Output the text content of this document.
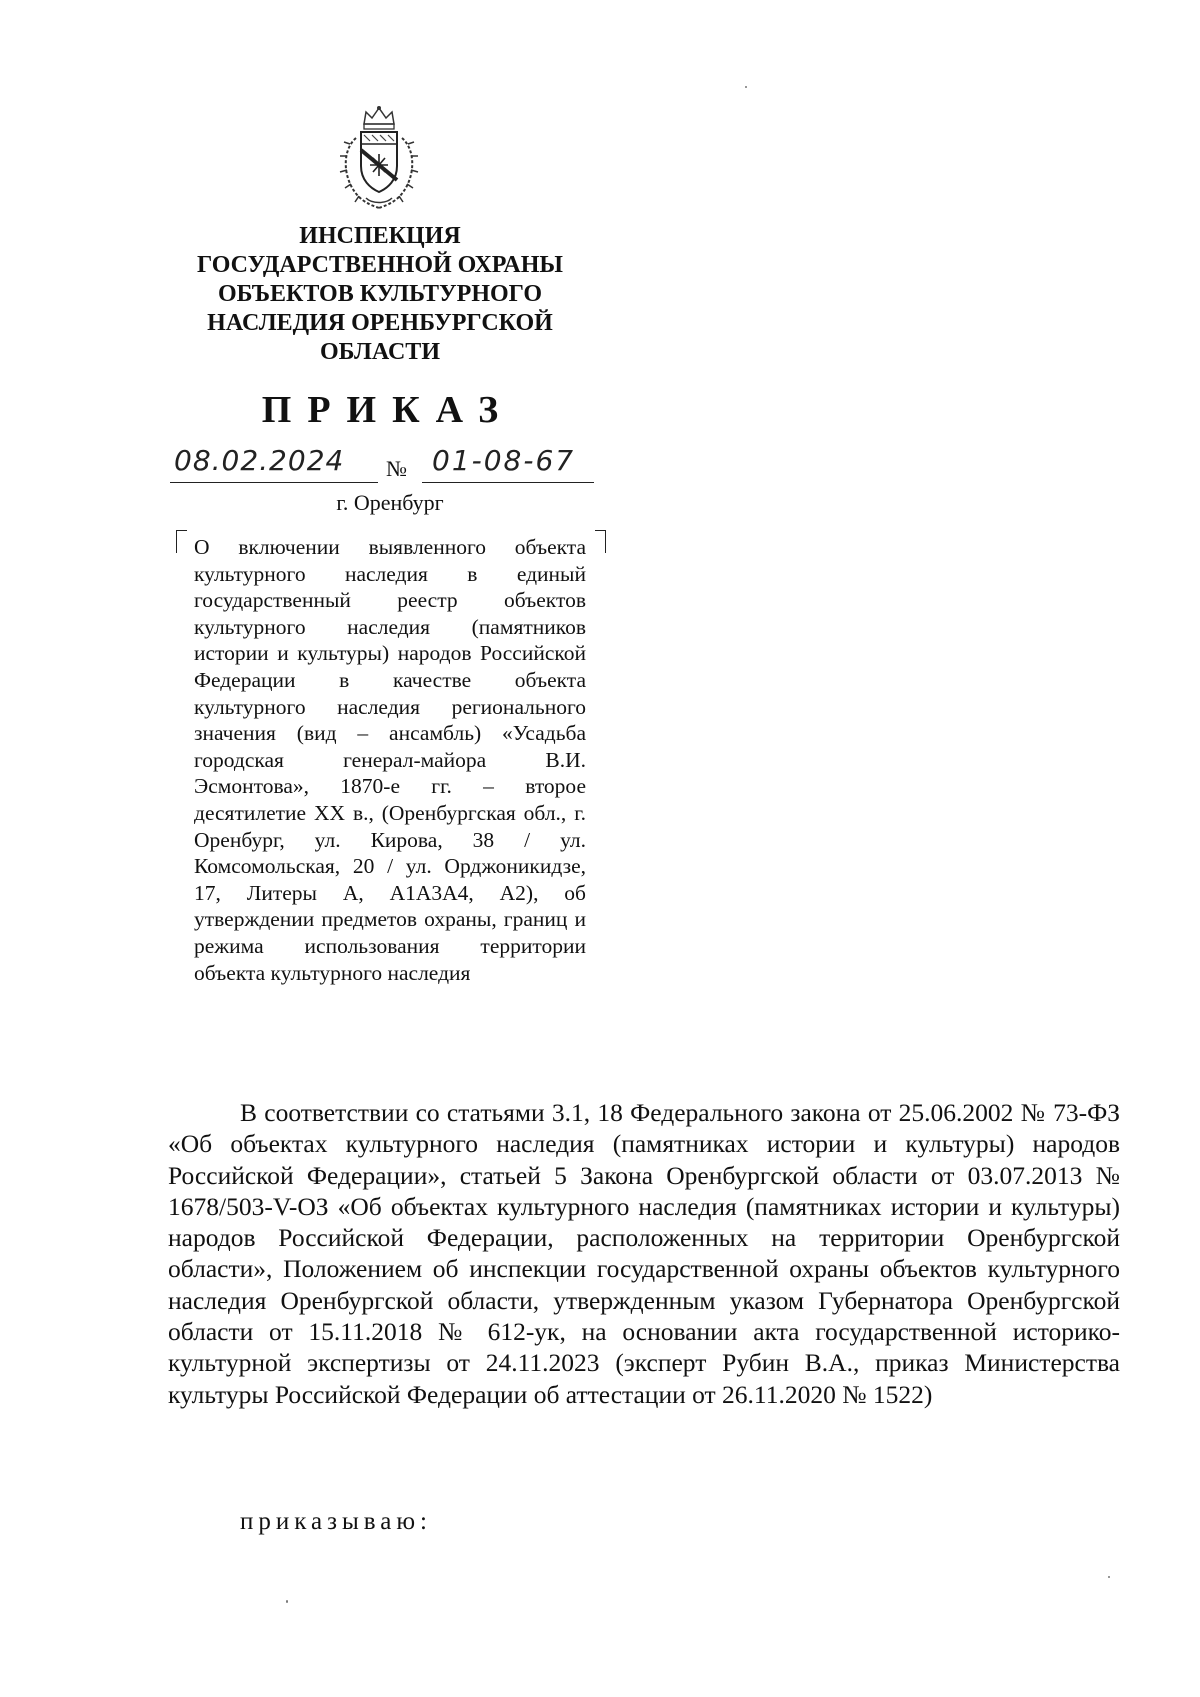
ИНСПЕКЦИЯ
ГОСУДАРСТВЕННОЙ ОХРАНЫ
ОБЪЕКТОВ КУЛЬТУРНОГО
НАСЛЕДИЯ ОРЕНБУРГСКОЙ
ОБЛАСТИ
ПРИКАЗ
08.02.2024	№ 01-08-67
г. Оренбург
О включении выявленного объекта культурного наследия в единый государственный реестр объектов культурного наследия (памятников истории и культуры) народов Российской Федерации в качестве объекта культурного наследия регионального значения (вид – ансамбль) «Усадьба городская генерал-майора В.И. Эсмонтова», 1870-е гг. – второе десятилетие XX в., (Оренбургская обл., г. Оренбург, ул. Кирова, 38 / ул. Комсомольская, 20 / ул. Орджоникидзе, 17, Литеры А, А1А3А4, А2), об утверждении предметов охраны, границ и режима использования территории объекта культурного наследия
В соответствии со статьями 3.1, 18 Федерального закона от 25.06.2002 № 73-ФЗ «Об объектах культурного наследия (памятниках истории и культуры) народов Российской Федерации», статьей 5 Закона Оренбургской области от 03.07.2013 № 1678/503-V-ОЗ «Об объектах культурного наследия (памятниках истории и культуры) народов Российской Федерации, расположенных на территории Оренбургской области», Положением об инспекции государственной охраны объектов культурного наследия Оренбургской области, утвержденным указом Губернатора Оренбургской области от 15.11.2018 № 612-ук, на основании акта государственной историко-культурной экспертизы от 24.11.2023 (эксперт Рубин В.А., приказ Министерства культуры Российской Федерации об аттестации от 26.11.2020 № 1522)
приказываю:
